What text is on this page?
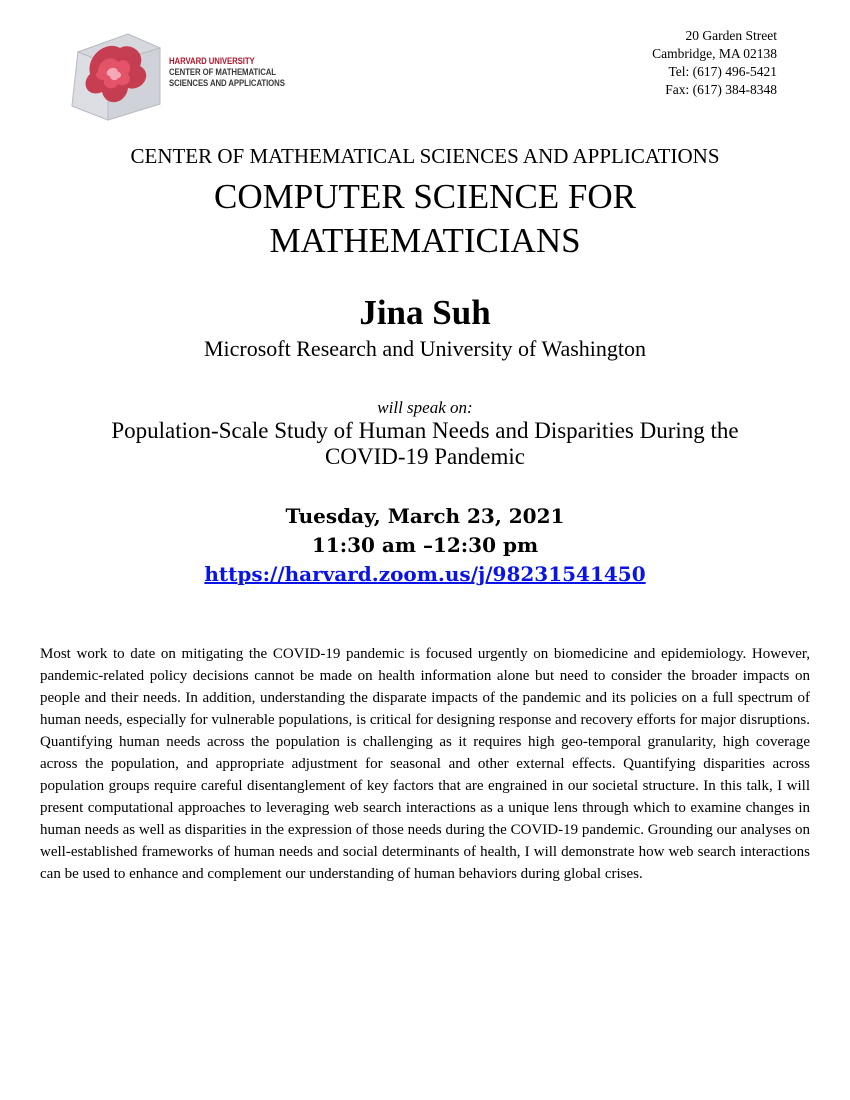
HARVARD UNIVERSITY
CENTER OF MATHEMATICAL
SCIENCES AND APPLICATIONS
20 Garden Street
Cambridge, MA 02138
Tel: (617) 496-5421
Fax: (617) 384-8348
CENTER OF MATHEMATICAL SCIENCES AND APPLICATIONS
COMPUTER SCIENCE FOR
MATHEMATICIANS
Jina Suh
Microsoft Research and University of Washington
will speak on:
Population-Scale Study of Human Needs and Disparities During the
COVID-19 Pandemic
Tuesday, March 23, 2021
11:30 am –12:30 pm
https://harvard.zoom.us/j/98231541450
Most work to date on mitigating the COVID-19 pandemic is focused urgently on biomedicine and epidemiology. However, pandemic-related policy decisions cannot be made on health information alone but need to consider the broader impacts on people and their needs. In addition, understanding the disparate impacts of the pandemic and its policies on a full spectrum of human needs, especially for vulnerable populations, is critical for designing response and recovery efforts for major disruptions. Quantifying human needs across the population is challenging as it requires high geo-temporal granularity, high coverage across the population, and appropriate adjustment for seasonal and other external effects. Quantifying disparities across population groups require careful disentanglement of key factors that are engrained in our societal structure. In this talk, I will present computational approaches to leveraging web search interactions as a unique lens through which to examine changes in human needs as well as disparities in the expression of those needs during the COVID-19 pandemic. Grounding our analyses on well-established frameworks of human needs and social determinants of health, I will demonstrate how web search interactions can be used to enhance and complement our understanding of human behaviors during global crises.
